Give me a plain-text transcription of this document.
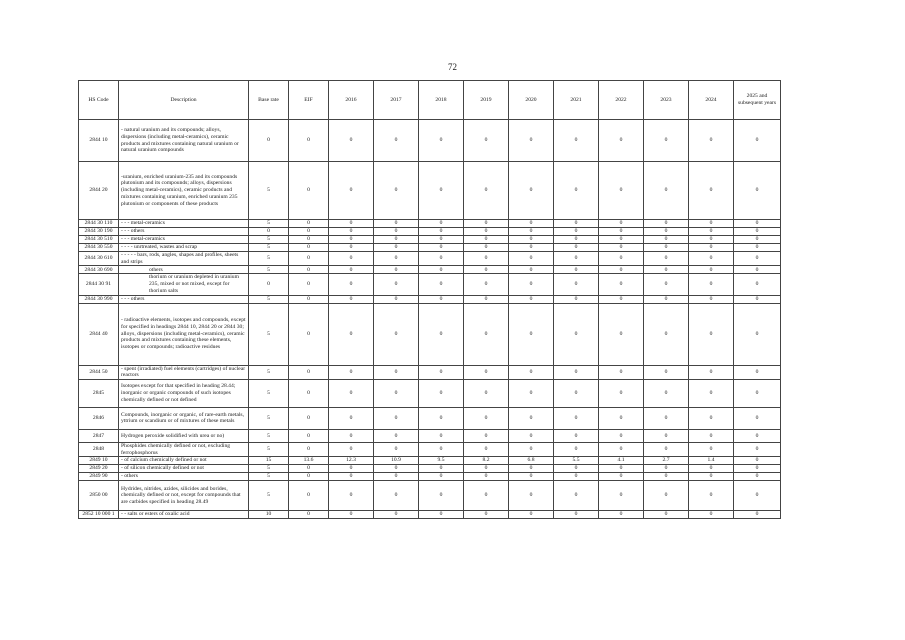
72
HS Code	Description	Base rate	EIF	2016	2017	2018	2019	2020	2021	2022	2023	2024	2025 and subsequent years
2844 10	- natural uranium and its compounds; alloys, dispersions (including metal-ceramics), ceramic products and mixtures containing natural uranium or natural uranium compounds	0	0	0	0	0	0	0	0	0	0	0	0
2844 20	-uranium, enriched uranium-235 and its compounds plutonium and its compounds; alloys, dispersions (including metal-ceramics), ceramic products and mixtures containing uranium, enriched uranium 235 plutonium or components of these products	5	0	0	0	0	0	0	0	0	0	0	0
2844 30 110	- - - metal-ceramics	5	0	0	0	0	0	0	0	0	0	0	0
2844 30 190	- - - others	0	0	0	0	0	0	0	0	0	0	0	0
2844 30 510	- - - metal-ceramics	5	0	0	0	0	0	0	0	0	0	0	0
2844 30 550	- - - - unrtreated, wastes and scrap	5	0	0	0	0	0	0	0	0	0	0	0
2844 30 610	- - - - - bars, rods, angles, shapes and profiles, sheets and strips	5	0	0	0	0	0	0	0	0	0	0	0
2844 30 690	others	5	0	0	0	0	0	0	0	0	0	0	0
2844 30 91	thorium or uranium depleted in uranium 235, mixed or not mixed, except for thorium salts	0	0	0	0	0	0	0	0	0	0	0	0
2844 30 990	- - - others	5	0	0	0	0	0	0	0	0	0	0	0
2844 40	- radioactive elements, isotopes and compounds, except for specified in headings 2844 10, 2844 20 or 2844 30; alloys, dispersions (including metal-ceramics), ceramic products and mixtures containing these elements, isotopes or compounds; radioactive residues	5	0	0	0	0	0	0	0	0	0	0	0
2844 50	- spent (irradiated) fuel elements (cartridges) of nuclear reactors	5	0	0	0	0	0	0	0	0	0	0	0
2845	Isotopes except for that specified in heading 28.44; inorganic or organic compounds of such isotopes chemically defined or not defined	5	0	0	0	0	0	0	0	0	0	0	0
2846	Compounds, inorganic or organic, of rare-earth metals, yttrium or scandium or of mixtures of these metals	5	0	0	0	0	0	0	0	0	0	0	0
2847	Hydrogen peroxide solidified with urea or no)	5	0	0	0	0	0	0	0	0	0	0	0
2848	Phosphides chemically defined or not, excluding ferrophosphorus	5	0	0	0	0	0	0	0	0	0	0	0
2849 10	- of calcium chemically defined or not	15	13.6	12.3	10.9	9.5	8.2	6.8	5.5	4.1	2.7	1.4	0
2849 20	- of silicon chemically defined or not	5	0	0	0	0	0	0	0	0	0	0	0
2849 90	- others	5	0	0	0	0	0	0	0	0	0	0	0
2850 00	Hydrides, nitrides, azides, silicides and borides, chemically defined or not, except for compounds that are carbides specified in heading 28.49	5	0	0	0	0	0	0	0	0	0	0	0
2852 10 000 1	- - salts or esters of oxalic acid	10	0	0	0	0	0	0	0	0	0	0	0
